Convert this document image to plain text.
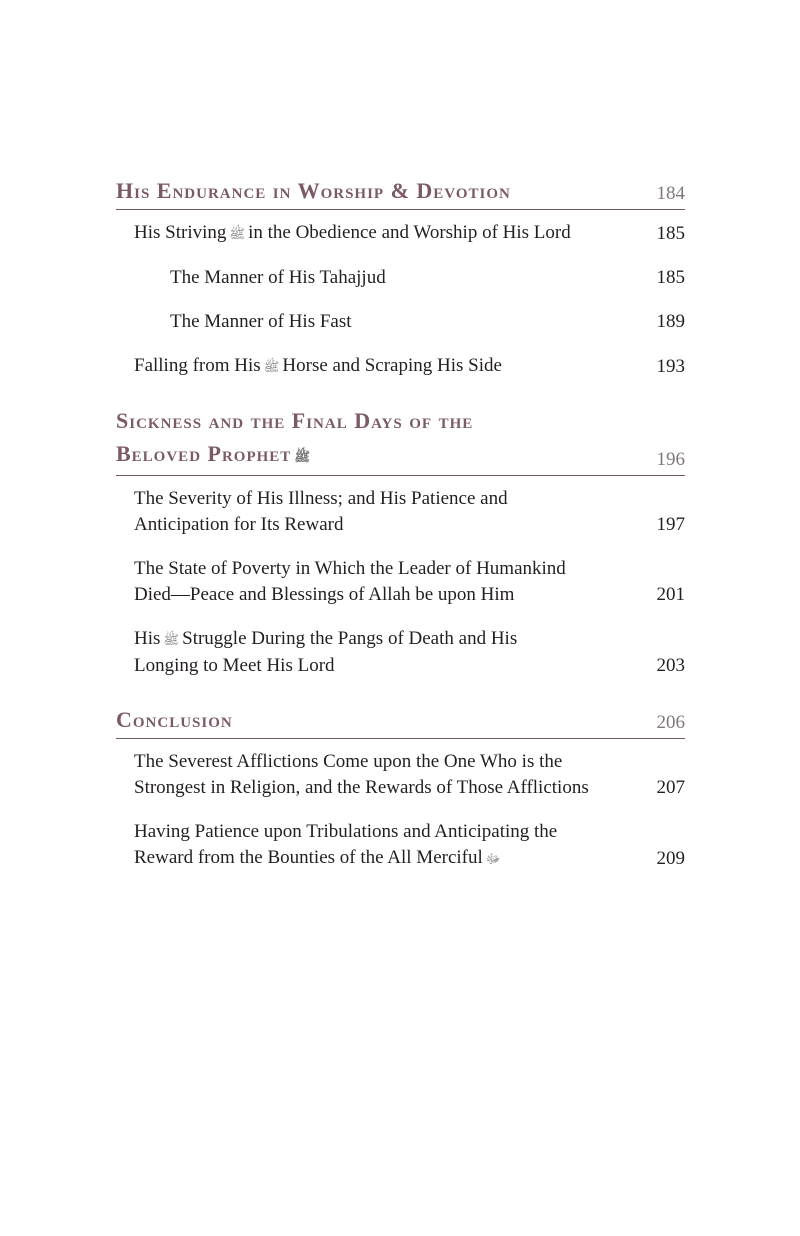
His Endurance in Worship & Devotion	184
His Striving ﷺ in the Obedience and Worship of His Lord	185
The Manner of His Tahajjud	185
The Manner of His Fast	189
Falling from His ﷺ Horse and Scraping His Side	193
Sickness and the Final Days of the
Beloved Prophet ﷺ	196
The Severity of His Illness; and His Patience and
Anticipation for Its Reward	197
The State of Poverty in Which the Leader of Humankind
Died—Peace and Blessings of Allah be upon Him	201
His ﷺ Struggle During the Pangs of Death and His
Longing to Meet His Lord	203
Conclusion	206
The Severest Afflictions Come upon the One Who is the
Strongest in Religion, and the Rewards of Those Afflictions	207
Having Patience upon Tribulations and Anticipating the
Reward from the Bounties of the All Merciful ﷻ	209
